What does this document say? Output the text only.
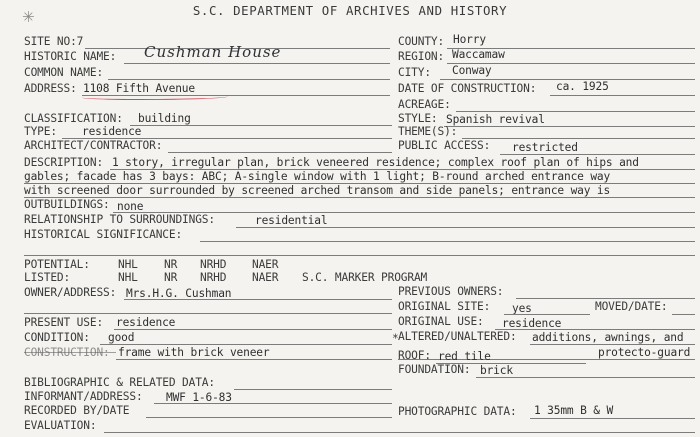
✳	S.C. DEPARTMENT OF ARCHIVES AND HISTORY
SITE NO:7
HISTORIC NAME: Cushman House
COMMON NAME:
ADDRESS: 1108 Fifth Avenue
COUNTY: Horry
REGION: Waccamaw
CITY: Conway
DATE OF CONSTRUCTION: ca. 1925
ACREAGE:
CLASSIFICATION: building	STYLE: Spanish revival
TYPE: residence	THEME(S):
ARCHITECT/CONTRACTOR:	PUBLIC ACCESS: restricted
DESCRIPTION: 1 story, irregular plan, brick veneered residence; complex roof plan of hips and
gables; facade has 3 bays: ABC; A-single window with 1 light; B-round arched entrance way
with screened door surrounded by screened arched transom and side panels; entrance way is
OUTBUILDINGS: none
RELATIONSHIP TO SURROUNDINGS:	residential
HISTORICAL SIGNIFICANCE:
POTENTIAL:	NHL NR NRHD NAER
LISTED:	NHL NR NRHD NAER S.C. MARKER PROGRAM
OWNER/ADDRESS: Mrs.H.G. Cushman	PREVIOUS OWNERS:
ORIGINAL SITE: yes	MOVED/DATE:
PRESENT USE: residence	ORIGINAL USE: residence
CONDITION: good	* ALTERED/UNALTERED: additions, awnings, and
protecto-guard
CONSTRUCTION: frame with brick veneer	ROOF: red tile
FOUNDATION: brick
BIBLIOGRAPHIC & RELATED DATA:
INFORMANT/ADDRESS: MWF 1-6-83
RECORDED BY/DATE	PHOTOGRAPHIC DATA: 1 35mm B & W
EVALUATION:
